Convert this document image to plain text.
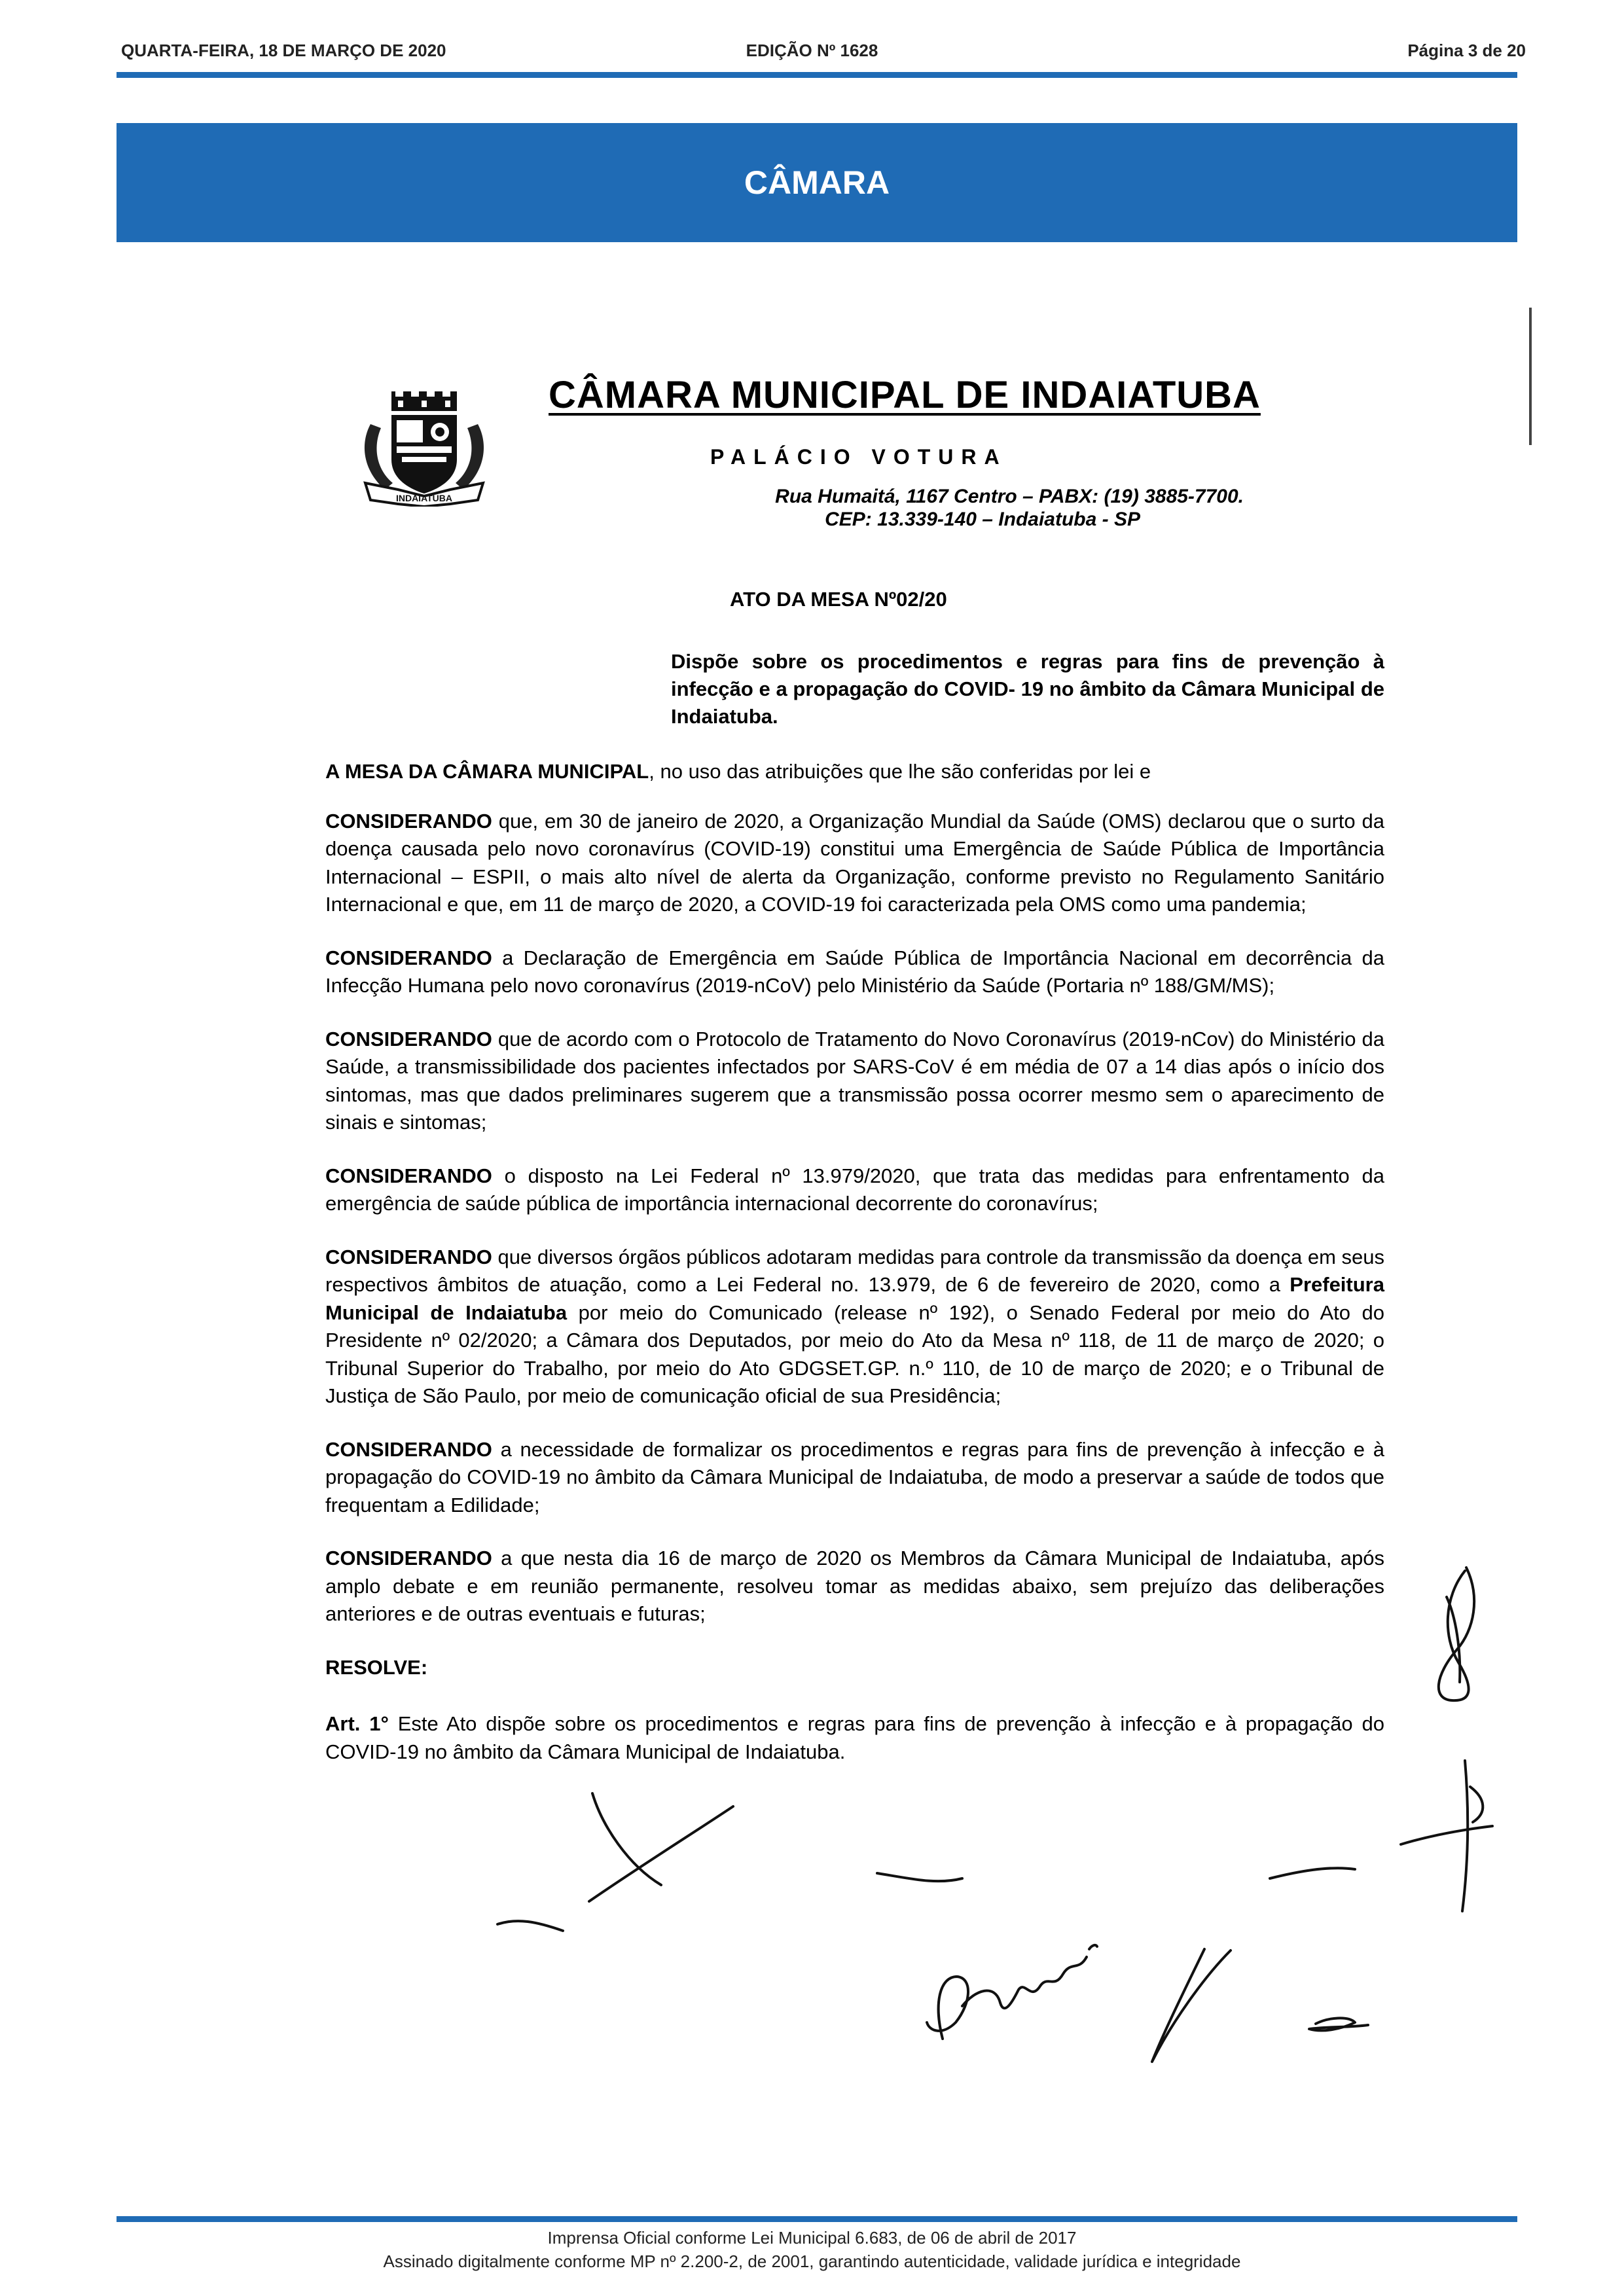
QUARTA-FEIRA, 18 DE MARÇO DE 2020	EDIÇÃO Nº 1628	Página 3 de 20
CÂMARA
INDAIATUBA
CÂMARA MUNICIPAL DE INDAIATUBA
PALÁCIO VOTURA
Rua Humaitá, 1167 Centro – PABX: (19) 3885-7700.
CEP: 13.339-140 – Indaiatuba - SP
ATO DA MESA Nº02/20
Dispõe sobre os procedimentos e regras para fins de prevenção à infecção e a propagação do COVID- 19 no âmbito da Câmara Municipal de Indaiatuba.

A MESA DA CÂMARA MUNICIPAL, no uso das atribuições que lhe são conferidas por lei e

CONSIDERANDO que, em 30 de janeiro de 2020, a Organização Mundial da Saúde (OMS) declarou que o surto da doença causada pelo novo coronavírus (COVID-19) constitui uma Emergência de Saúde Pública de Importância Internacional – ESPII, o mais alto nível de alerta da Organização, conforme previsto no Regulamento Sanitário Internacional e que, em 11 de março de 2020, a COVID-19 foi caracterizada pela OMS como uma pandemia;

CONSIDERANDO a Declaração de Emergência em Saúde Pública de Importância Nacional em decorrência da Infecção Humana pelo novo coronavírus (2019-nCoV) pelo Ministério da Saúde (Portaria nº 188/GM/MS);

CONSIDERANDO que de acordo com o Protocolo de Tratamento do Novo Coronavírus (2019-nCov) do Ministério da Saúde, a transmissibilidade dos pacientes infectados por SARS-CoV é em média de 07 a 14 dias após o início dos sintomas, mas que dados preliminares sugerem que a transmissão possa ocorrer mesmo sem o aparecimento de sinais e sintomas;

CONSIDERANDO o disposto na Lei Federal nº 13.979/2020, que trata das medidas para enfrentamento da emergência de saúde pública de importância internacional decorrente do coronavírus;

CONSIDERANDO que diversos órgãos públicos adotaram medidas para controle da transmissão da doença em seus respectivos âmbitos de atuação, como a Lei Federal no. 13.979, de 6 de fevereiro de 2020, como a Prefeitura Municipal de Indaiatuba por meio do Comunicado (release nº 192), o Senado Federal por meio do Ato do Presidente nº 02/2020; a Câmara dos Deputados, por meio do Ato da Mesa nº 118, de 11 de março de 2020; o Tribunal Superior do Trabalho, por meio do Ato GDGSET.GP. n.º 110, de 10 de março de 2020; e o Tribunal de Justiça de São Paulo, por meio de comunicação oficial de sua Presidência;

CONSIDERANDO a necessidade de formalizar os procedimentos e regras para fins de prevenção à infecção e à propagação do COVID-19 no âmbito da Câmara Municipal de Indaiatuba, de modo a preservar a saúde de todos que frequentam a Edilidade;

CONSIDERANDO a que nesta dia 16 de março de 2020 os Membros da Câmara Municipal de Indaiatuba, após amplo debate e em reunião permanente, resolveu tomar as medidas abaixo, sem prejuízo das deliberações anteriores e de outras eventuais e futuras;

RESOLVE:

Art. 1° Este Ato dispõe sobre os procedimentos e regras para fins de prevenção à infecção e à propagação do COVID-19 no âmbito da Câmara Municipal de Indaiatuba.

Imprensa Oficial conforme Lei Municipal 6.683, de 06 de abril de 2017
Assinado digitalmente conforme MP nº 2.200-2, de 2001, garantindo autenticidade, validade jurídica e integridade
